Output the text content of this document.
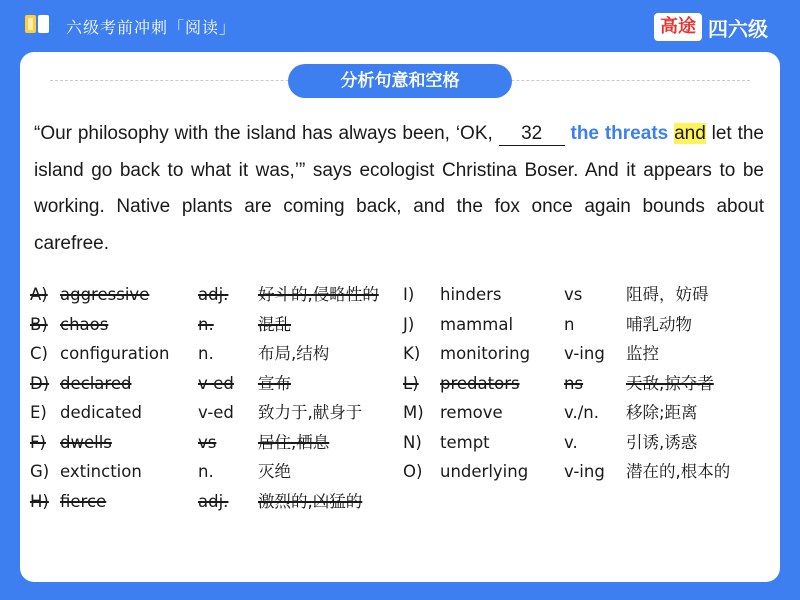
六级考前冲刺「阅读」	高途 四六级
分析句意和空格
“Our philosophy with the island has always been, ‘OK, 32 the threats and let the island go back to what it was,’” says ecologist Christina Boser. And it appears to be working. Native plants are coming back, and the fox once again bounds about carefree.
A) aggressive	adj. 好斗的,侵略性的 I) hinders	vs	阻碍，妨碍
B) chaos	n.	混乱	J) mammal	n	哺乳动物
C) configuration n.	布局,结构	K) monitoring v-ing 监控
D) declared	v-ed 宣布	L) predators	ns	天敌,掠夺者
E) dedicated	v-ed 致力于,献身于 M) remove	v./n. 移除;距离
F) dwells	vs	居住,栖息	N) tempt	v.	引诱,诱惑
G) extinction	n.	灭绝	O) underlying v-ing 潜在的,根本的
H) fierce	adj. 激烈的,凶猛的
